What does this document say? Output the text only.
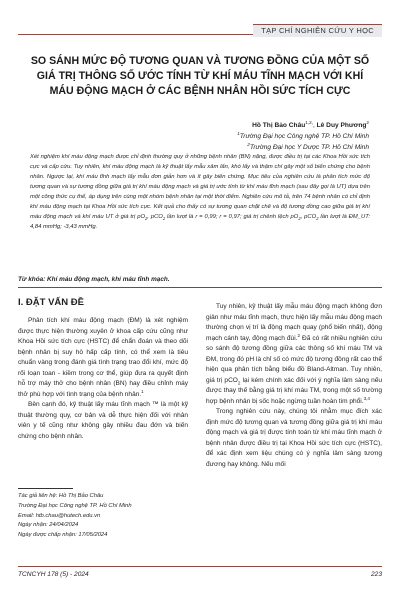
TẠP CHÍ NGHIÊN CỨU Y HỌC
SO SÁNH MỨC ĐỘ TƯƠNG QUAN VÀ TƯƠNG ĐỒNG CỦA MỘT SỐ GIÁ TRỊ THÔNG SỐ ƯỚC TÍNH TỪ KHÍ MÁU TĨNH MẠCH VỚI KHÍ MÁU ĐỘNG MẠCH Ở CÁC BỆNH NHÂN HỒI SỨC TÍCH CỰC
Hồ Thị Bảo Châu$^{1,2,}$, Lê Duy Phương$^2$
$^1$Trường Đại học Công nghệ TP. Hồ Chí Minh
$^2$Trường Đại học Y Dược TP. Hồ Chí Minh

Xét nghiệm khí máu động mạch được chỉ định thường quy ở những bệnh nhân (BN) nặng, được điều trị tại các Khoa Hồi sức tích cực và cấp cứu. Tuy nhiên, khí máu động mạch là kỹ thuật lấy mẫu xâm lấn, khó lấy và thậm chí gây một số biến chứng cho bệnh nhân. Ngược lại, khí máu tĩnh mạch lấy mẫu đơn giản hơn và ít gây biến chứng. Mục tiêu của nghiên cứu là phân tích mức độ tương quan và sự tương đồng giữa giá trị khí máu động mạch và giá trị ước tính từ khí máu tĩnh mạch (sau đây gọi là UT) dựa trên một công thức cụ thể, áp dụng trên cùng một nhóm bệnh nhân tại một thời điểm. Nghiên cứu mô tả, trên 74 bệnh nhân có chỉ định khí máu động mạch tại Khoa Hồi sức tích cực. Kết quả cho thấy có sự tương quan chặt chẽ và độ tương đồng cao giữa giá trị khí máu động mạch và khí máu UT ở giá trị $pO_2$, pCO$_2$ lần lượt là r = 0,99; r = 0,97; giá trị chênh lệch $pO_2$, pCO$_2$ lần lượt là ĐM_UT: 4,84 mmHg; -3,43 mmHg.

Từ khóa: Khí máu động mạch, khí máu tĩnh mạch.
I. ĐẶT VẤN ĐỀ

Phân tích khí máu động mạch (ĐM) là xét nghiệm được thực hiện thường xuyên ở khoa cấp cứu cũng như Khoa Hồi sức tích cực (HSTC) để chẩn đoán và theo dõi bệnh nhân bị suy hô hấp cấp tính, có thể xem là tiêu chuẩn vàng trong đánh giá tình trạng trao đổi khí, mức độ rối loạn toan - kiềm trong cơ thể, giúp đưa ra quyết định hỗ trợ máy thở cho bệnh nhân (BN) hay điều chỉnh máy thở phù hợp với tình trạng của bệnh nhân.$^1$

Bên cạnh đó, kỹ thuật lấy máu tĩnh mạch ™ là một kỹ thuật thường quy, cơ bản và dễ thực hiện đối với nhân viên y tế cũng như không gây nhiều đau đớn và biến chứng cho bệnh nhân.

Tác giả liên hệ: Hồ Thị Bảo Châu
Trường Đại học Công nghệ TP. Hồ Chí Minh
Email: htb.chau@hutech.edu.vn
Ngày nhận: 24/04/2024
Ngày được chấp nhận: 17/05/2024

Tuy nhiên, kỹ thuật lấy mẫu máu động mạch không đơn giản như máu tĩnh mạch, thực hiện lấy mẫu máu động mạch thường chọn vị trí là động mạch quay (phổ biến nhất), động mạch cánh tay, động mạch đùi.$^2$ Đã có rất nhiều nghiên cứu so sánh độ tương đồng giữa các thông số khí máu TM và ĐM, trong đó pH là chỉ số có mức độ tương đồng rất cao thể hiện qua phân tích bằng biểu đồ Bland-Altman. Tuy nhiên, giá trị pCO$_2$ lại kém chính xác đối với ý nghĩa lâm sàng nếu được thay thế bằng giá trị khí máu TM, trong một số trường hợp bệnh nhân bị sốc hoặc ngừng tuần hoàn tim phổi.$^{3,4}$

Trong nghiên cứu này, chúng tôi nhằm mục đích xác định mức độ tương quan và tương đồng giữa giá trị khí máu động mạch và giá trị được tính toán từ khí máu tĩnh mạch ở bệnh nhân được điều trị tại Khoa Hồi sức tích cực (HSTC), để xác định xem liệu chúng có ý nghĩa lâm sàng tương đương hay không. Nếu mối

TCNCYH 178 (5) - 2024	223
